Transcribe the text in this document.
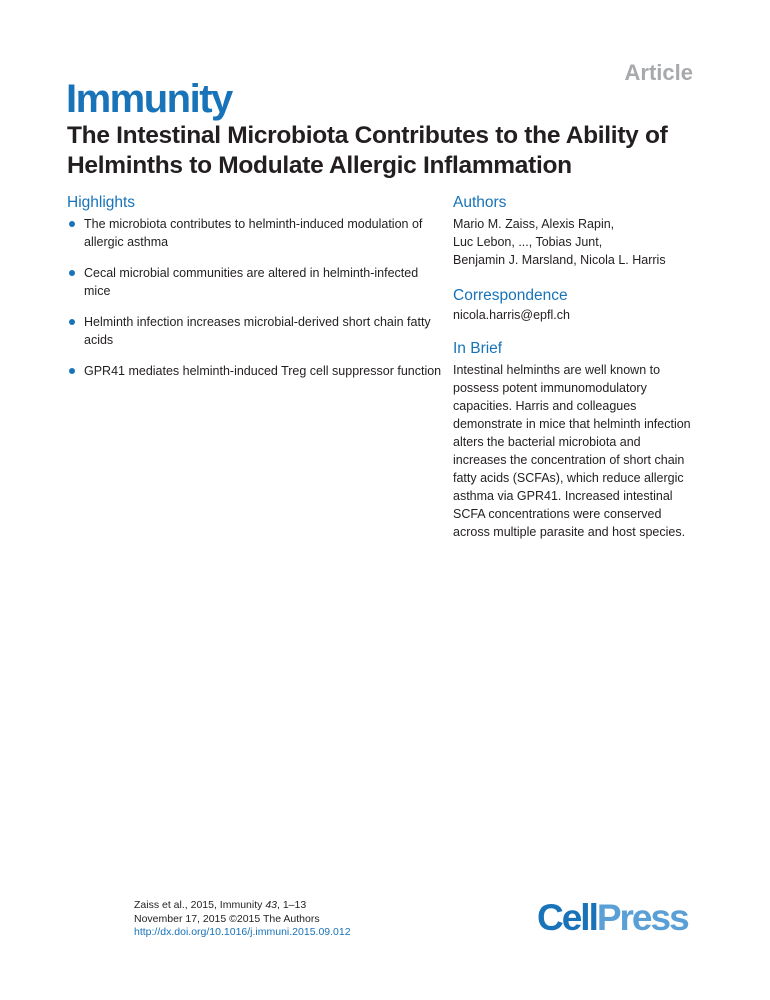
Article
Immunity
The Intestinal Microbiota Contributes to the Ability of Helminths to Modulate Allergic Inflammation
Highlights
The microbiota contributes to helminth-induced modulation of allergic asthma
Cecal microbial communities are altered in helminth-infected mice
Helminth infection increases microbial-derived short chain fatty acids
GPR41 mediates helminth-induced Treg cell suppressor function
Authors
Mario M. Zaiss, Alexis Rapin,
Luc Lebon, ..., Tobias Junt,
Benjamin J. Marsland, Nicola L. Harris
Correspondence
nicola.harris@epfl.ch
In Brief
Intestinal helminths are well known to possess potent immunomodulatory capacities. Harris and colleagues demonstrate in mice that helminth infection alters the bacterial microbiota and increases the concentration of short chain fatty acids (SCFAs), which reduce allergic asthma via GPR41. Increased intestinal SCFA concentrations were conserved across multiple parasite and host species.
Zaiss et al., 2015, Immunity 43, 1–13
November 17, 2015 ©2015 The Authors
http://dx.doi.org/10.1016/j.immuni.2015.09.012	CellPress
